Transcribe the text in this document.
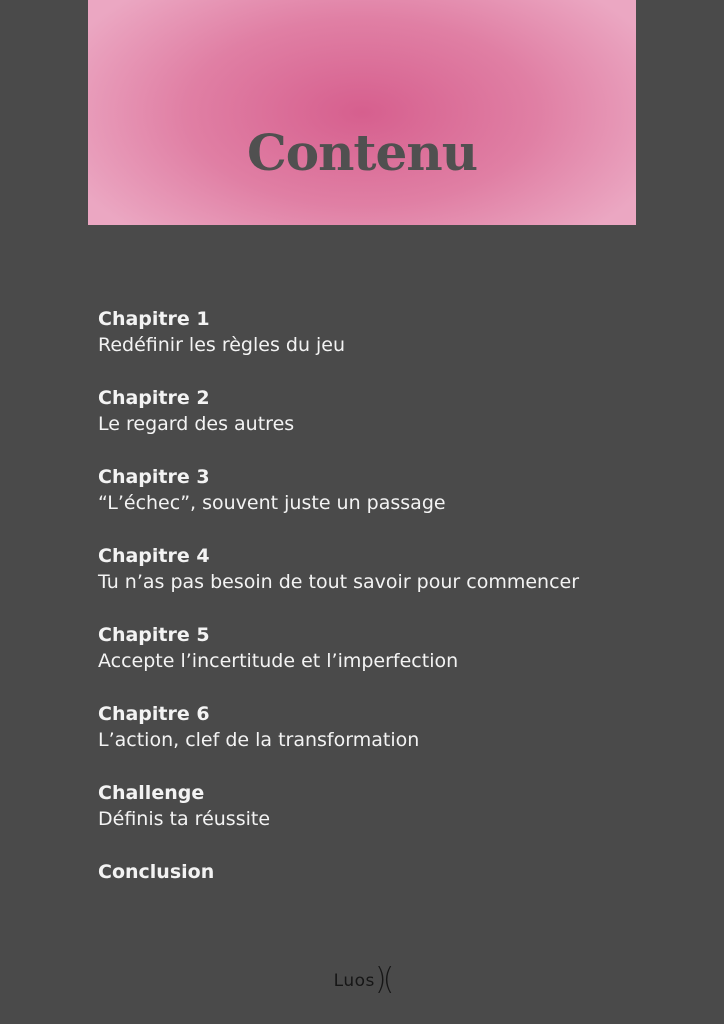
Contenu
Chapitre 1
Redéfinir les règles du jeu
Chapitre 2
Le regard des autres
Chapitre 3
“L’échec”, souvent juste un passage
Chapitre 4
Tu n’as pas besoin de tout savoir pour commencer
Chapitre 5
Accepte l’incertitude et l’imperfection
Chapitre 6
L’action, clef de la transformation
Challenge
Définis ta réussite
Conclusion
Luos)(
